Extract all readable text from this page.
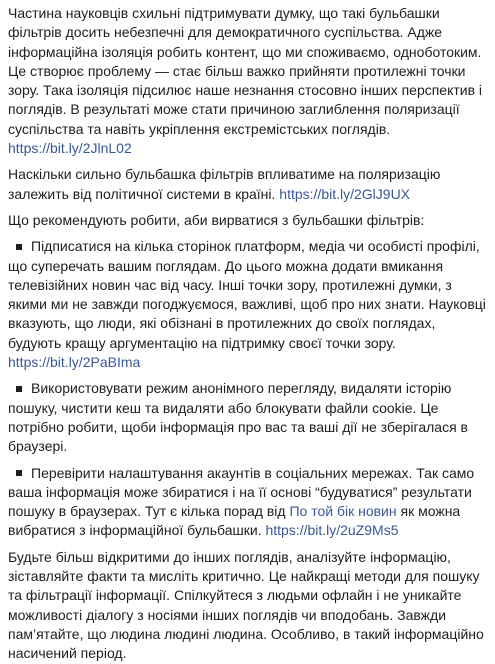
Частина науковців схильні підтримувати думку, що такі бульбашки фільтрів досить небезпечні для демократичного суспільства. Адже інформаційна ізоляція робить контент, що ми споживаємо, одноботоким. Це створює проблему — стає більш важко прийняти протилежні точки зору. Така ізоляція підсилює наше незнання стосовно інших перспектив і поглядів. В результаті може стати причиною заглиблення поляризації суспільства та навіть укріплення екстремістських поглядів. https://bit.ly/2JlnL02

Наскільки сильно бульбашка фільтрів впливатиме на поляризацію залежить від політичної системи в країні. https://bit.ly/2GlJ9UX

Що рекомендують робити, аби вирватися з бульбашки фільтрів:

Підписатися на кілька сторінок платформ, медіа чи особисті профілі, що суперечать вашим поглядам. До цього можна додати вмикання телевізійних новин час від часу. Інші точки зору, протилежні думки, з якими ми не завжди погоджуємося, важливі, щоб про них знати. Науковці вказують, що люди, які обізнані в протилежних до своїх поглядах, будують кращу аргументацію на підтримку своєї точки зору. https://bit.ly/2PaBIma
Використовувати режим анонімного перегляду, видаляти історію пошуку, чистити кеш та видаляти або блокувати файли cookie. Це потрібно робити, щоби інформація про вас та ваші дії не зберігалася в браузері.
Перевірити налаштування акаунтів в соціальних мережах. Так само ваша інформація може збиратися і на її основі “будуватися” результати пошуку в браузерах. Тут є кілька порад від По той бік новин як можна вибратися з інформаційної бульбашки. https://bit.ly/2uZ9Ms5

Будьте більш відкритими до інших поглядів, аналізуйте інформацію, зіставляйте факти та мисліть критично. Це найкращі методи для пошуку та фільтрації інформації. Спілкуйтеся з людьми офлайн і не уникайте можливості діалогу з носіями інших поглядів чи вподобань. Завжди пам’ятайте, що людина людині людина. Особливо, в такий інформаційно насичений період.
